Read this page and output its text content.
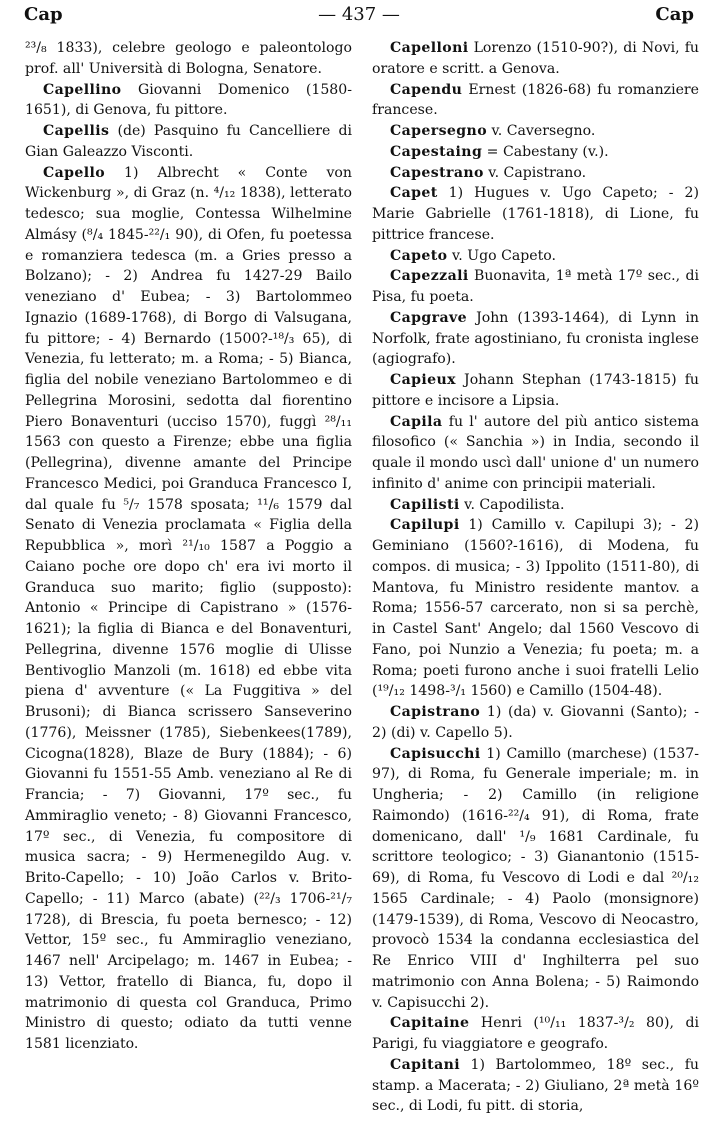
Cap	— 437 —	Cap

²³/₈ 1833), celebre geologo e paleontologo prof. all' Università di Bologna, Senatore.

Capellino Giovanni Domenico (1580-1651), di Genova, fu pittore.

Capellis (de) Pasquino fu Cancelliere di Gian Galeazzo Visconti.

Capello 1) Albrecht « Conte von Wickenburg », di Graz (n. ⁴/₁₂ 1838), letterato tedesco; sua moglie, Contessa Wilhelmine Almásy (⁸/₄ 1845-²²/₁ 90), di Ofen, fu poetessa e romanziera tedesca (m. a Gries presso a Bolzano); - 2) Andrea fu 1427-29 Bailo veneziano d' Eubea; - 3) Bartolommeo Ignazio (1689-1768), di Borgo di Valsugana, fu pittore; - 4) Bernardo (1500?-¹⁸/₃ 65), di Venezia, fu letterato; m. a Roma; - 5) Bianca, figlia del nobile veneziano Bartolommeo e di Pellegrina Morosini, sedotta dal fiorentino Piero Bonaventuri (ucciso 1570), fuggì ²⁸/₁₁ 1563 con questo a Firenze; ebbe una figlia (Pellegrina), divenne amante del Principe Francesco Medici, poi Granduca Francesco I, dal quale fu ⁵/₇ 1578 sposata; ¹¹/₆ 1579 dal Senato di Venezia proclamata « Figlia della Repubblica », morì ²¹/₁₀ 1587 a Poggio a Caiano poche ore dopo ch' era ivi morto il Granduca suo marito; figlio (supposto): Antonio « Principe di Capistrano » (1576-1621); la figlia di Bianca e del Bonaventuri, Pellegrina, divenne 1576 moglie di Ulisse Bentivoglio Manzoli (m. 1618) ed ebbe vita piena d' avventure (« La Fuggitiva » del Brusoni); di Bianca scrissero Sanseverino (1776), Meissner (1785), Siebenkees(1789), Cicogna(1828), Blaze de Bury (1884); - 6) Giovanni fu 1551-55 Amb. veneziano al Re di Francia; - 7) Giovanni, 17º sec., fu Ammiraglio veneto; - 8) Giovanni Francesco, 17º sec., di Venezia, fu compositore di musica sacra; - 9) Hermenegildo Aug. v. Brito-Capello; - 10) João Carlos v. Brito-Capello; - 11) Marco (abate) (²²/₃ 1706-²¹/₇ 1728), di Brescia, fu poeta bernesco; - 12) Vettor, 15º sec., fu Ammiraglio veneziano, 1467 nell' Arcipelago; m. 1467 in Eubea; - 13) Vettor, fratello di Bianca, fu, dopo il matrimonio di questa col Granduca, Primo Ministro di questo; odiato da tutti venne 1581 licenziato.

Capelloni Lorenzo (1510-90?), di Novi, fu oratore e scritt. a Genova.

Capendu Ernest (1826-68) fu romanziere francese.

Capersegno v. Caversegno.

Capestaing = Cabestany (v.).

Capestrano v. Capistrano.

Capet 1) Hugues v. Ugo Capeto; - 2) Marie Gabrielle (1761-1818), di Lione, fu pittrice francese.

Capeto v. Ugo Capeto.

Capezzali Buonavita, 1ª metà 17º sec., di Pisa, fu poeta.

Capgrave John (1393-1464), di Lynn in Norfolk, frate agostiniano, fu cronista inglese (agiografo).

Capieux Johann Stephan (1743-1815) fu pittore e incisore a Lipsia.

Capila fu l' autore del più antico sistema filosofico (« Sanchia ») in India, secondo il quale il mondo uscì dall' unione d' un numero infinito d' anime con principii materiali.

Capilisti v. Capodilista.

Capilupi 1) Camillo v. Capilupi 3); - 2) Geminiano (1560?-1616), di Modena, fu compos. di musica; - 3) Ippolito (1511-80), di Mantova, fu Ministro residente mantov. a Roma; 1556-57 carcerato, non si sa perchè, in Castel Sant' Angelo; dal 1560 Vescovo di Fano, poi Nunzio a Venezia; fu poeta; m. a Roma; poeti furono anche i suoi fratelli Lelio (¹⁹/₁₂ 1498-³/₁ 1560) e Camillo (1504-48).

Capistrano 1) (da) v. Giovanni (Santo); - 2) (di) v. Capello 5).

Capisucchi 1) Camillo (marchese) (1537-97), di Roma, fu Generale imperiale; m. in Ungheria; - 2) Camillo (in religione Raimondo) (1616-²²/₄ 91), di Roma, frate domenicano, dall' ¹/₉ 1681 Cardinale, fu scrittore teologico; - 3) Gianantonio (1515-69), di Roma, fu Vescovo di Lodi e dal ²⁰/₁₂ 1565 Cardinale; - 4) Paolo (monsignore) (1479-1539), di Roma, Vescovo di Neocastro, provocò 1534 la condanna ecclesiastica del Re Enrico VIII d' Inghilterra pel suo matrimonio con Anna Bolena; - 5) Raimondo v. Capisucchi 2).

Capitaine Henri (¹⁰/₁₁ 1837-³/₂ 80), di Parigi, fu viaggiatore e geografo.

Capitani 1) Bartolommeo, 18º sec., fu stamp. a Macerata; - 2) Giuliano, 2ª metà 16º sec., di Lodi, fu pitt. di storia,
